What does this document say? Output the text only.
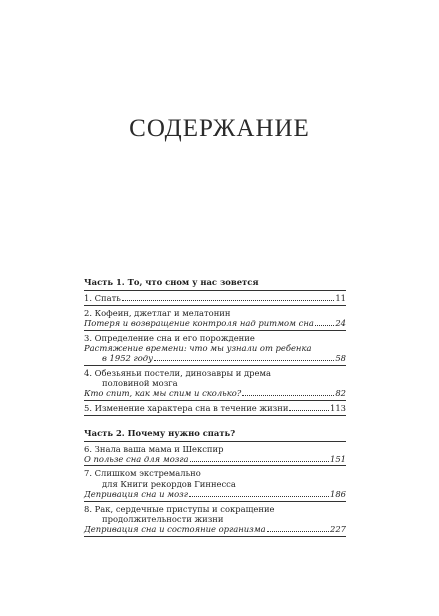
СОДЕРЖАНИЕ
Часть 1. То, что сном у нас зовется
1. Спать	11
2. Кофеин, джетлаг и мелатонин
Потеря и возвращение контроля над ритмом сна	24
3. Определение сна и его порождение
Растяжение времени: что мы узнали от ребенка
в 1952 году	58
4. Обезьяньи постели, динозавры и дрема
половиной мозга
Кто спит, как мы спим и сколько?	82
5. Изменение характера сна в течение жизни	113
Часть 2. Почему нужно спать?
6. Знала ваша мама и Шекспир
О пользе сна для мозга	151
7. Слишком экстремально
для Книги рекордов Гиннесса
Депривация сна и мозг	186
8. Рак, сердечные приступы и сокращение
продолжительности жизни
Депривация сна и состояние организма	227
